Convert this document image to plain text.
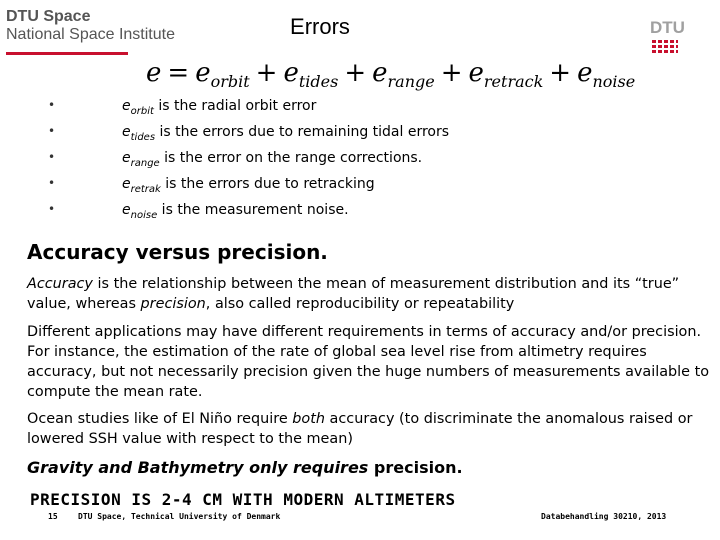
DTU Space
National Space Institute	Errors	DTU
$e = e_{orbit} + e_{tides} + e_{range} + e_{retrack} + e_{noise}$
•	$e_{orbit}$ is the radial orbit error
•	$e_{tides}$ is the errors due to remaining tidal errors
•	$e_{range}$ is the error on the range corrections.
•	$e_{retrak}$ is the errors due to retracking
•	$e_{noise}$ is the measurement noise.
Accuracy versus precision.
Accuracy is the relationship between the mean of measurement distribution and its “true” value, whereas precision, also called reproducibility or repeatability
Different applications may have different requirements in terms of accuracy and/or precision. For instance, the estimation of the rate of global sea level rise from altimetry requires accuracy, but not necessarily precision given the huge numbers of measurements available to compute the mean rate.
Ocean studies like of El Niño require both accuracy (to discriminate the anomalous raised or lowered SSH value with respect to the mean)
Gravity and Bathymetry only requires precision.
PRECISION IS 2-4 CM WITH MODERN ALTIMETERS
15	DTU Space, Technical University of Denmark	Databehandling 30210, 2013
